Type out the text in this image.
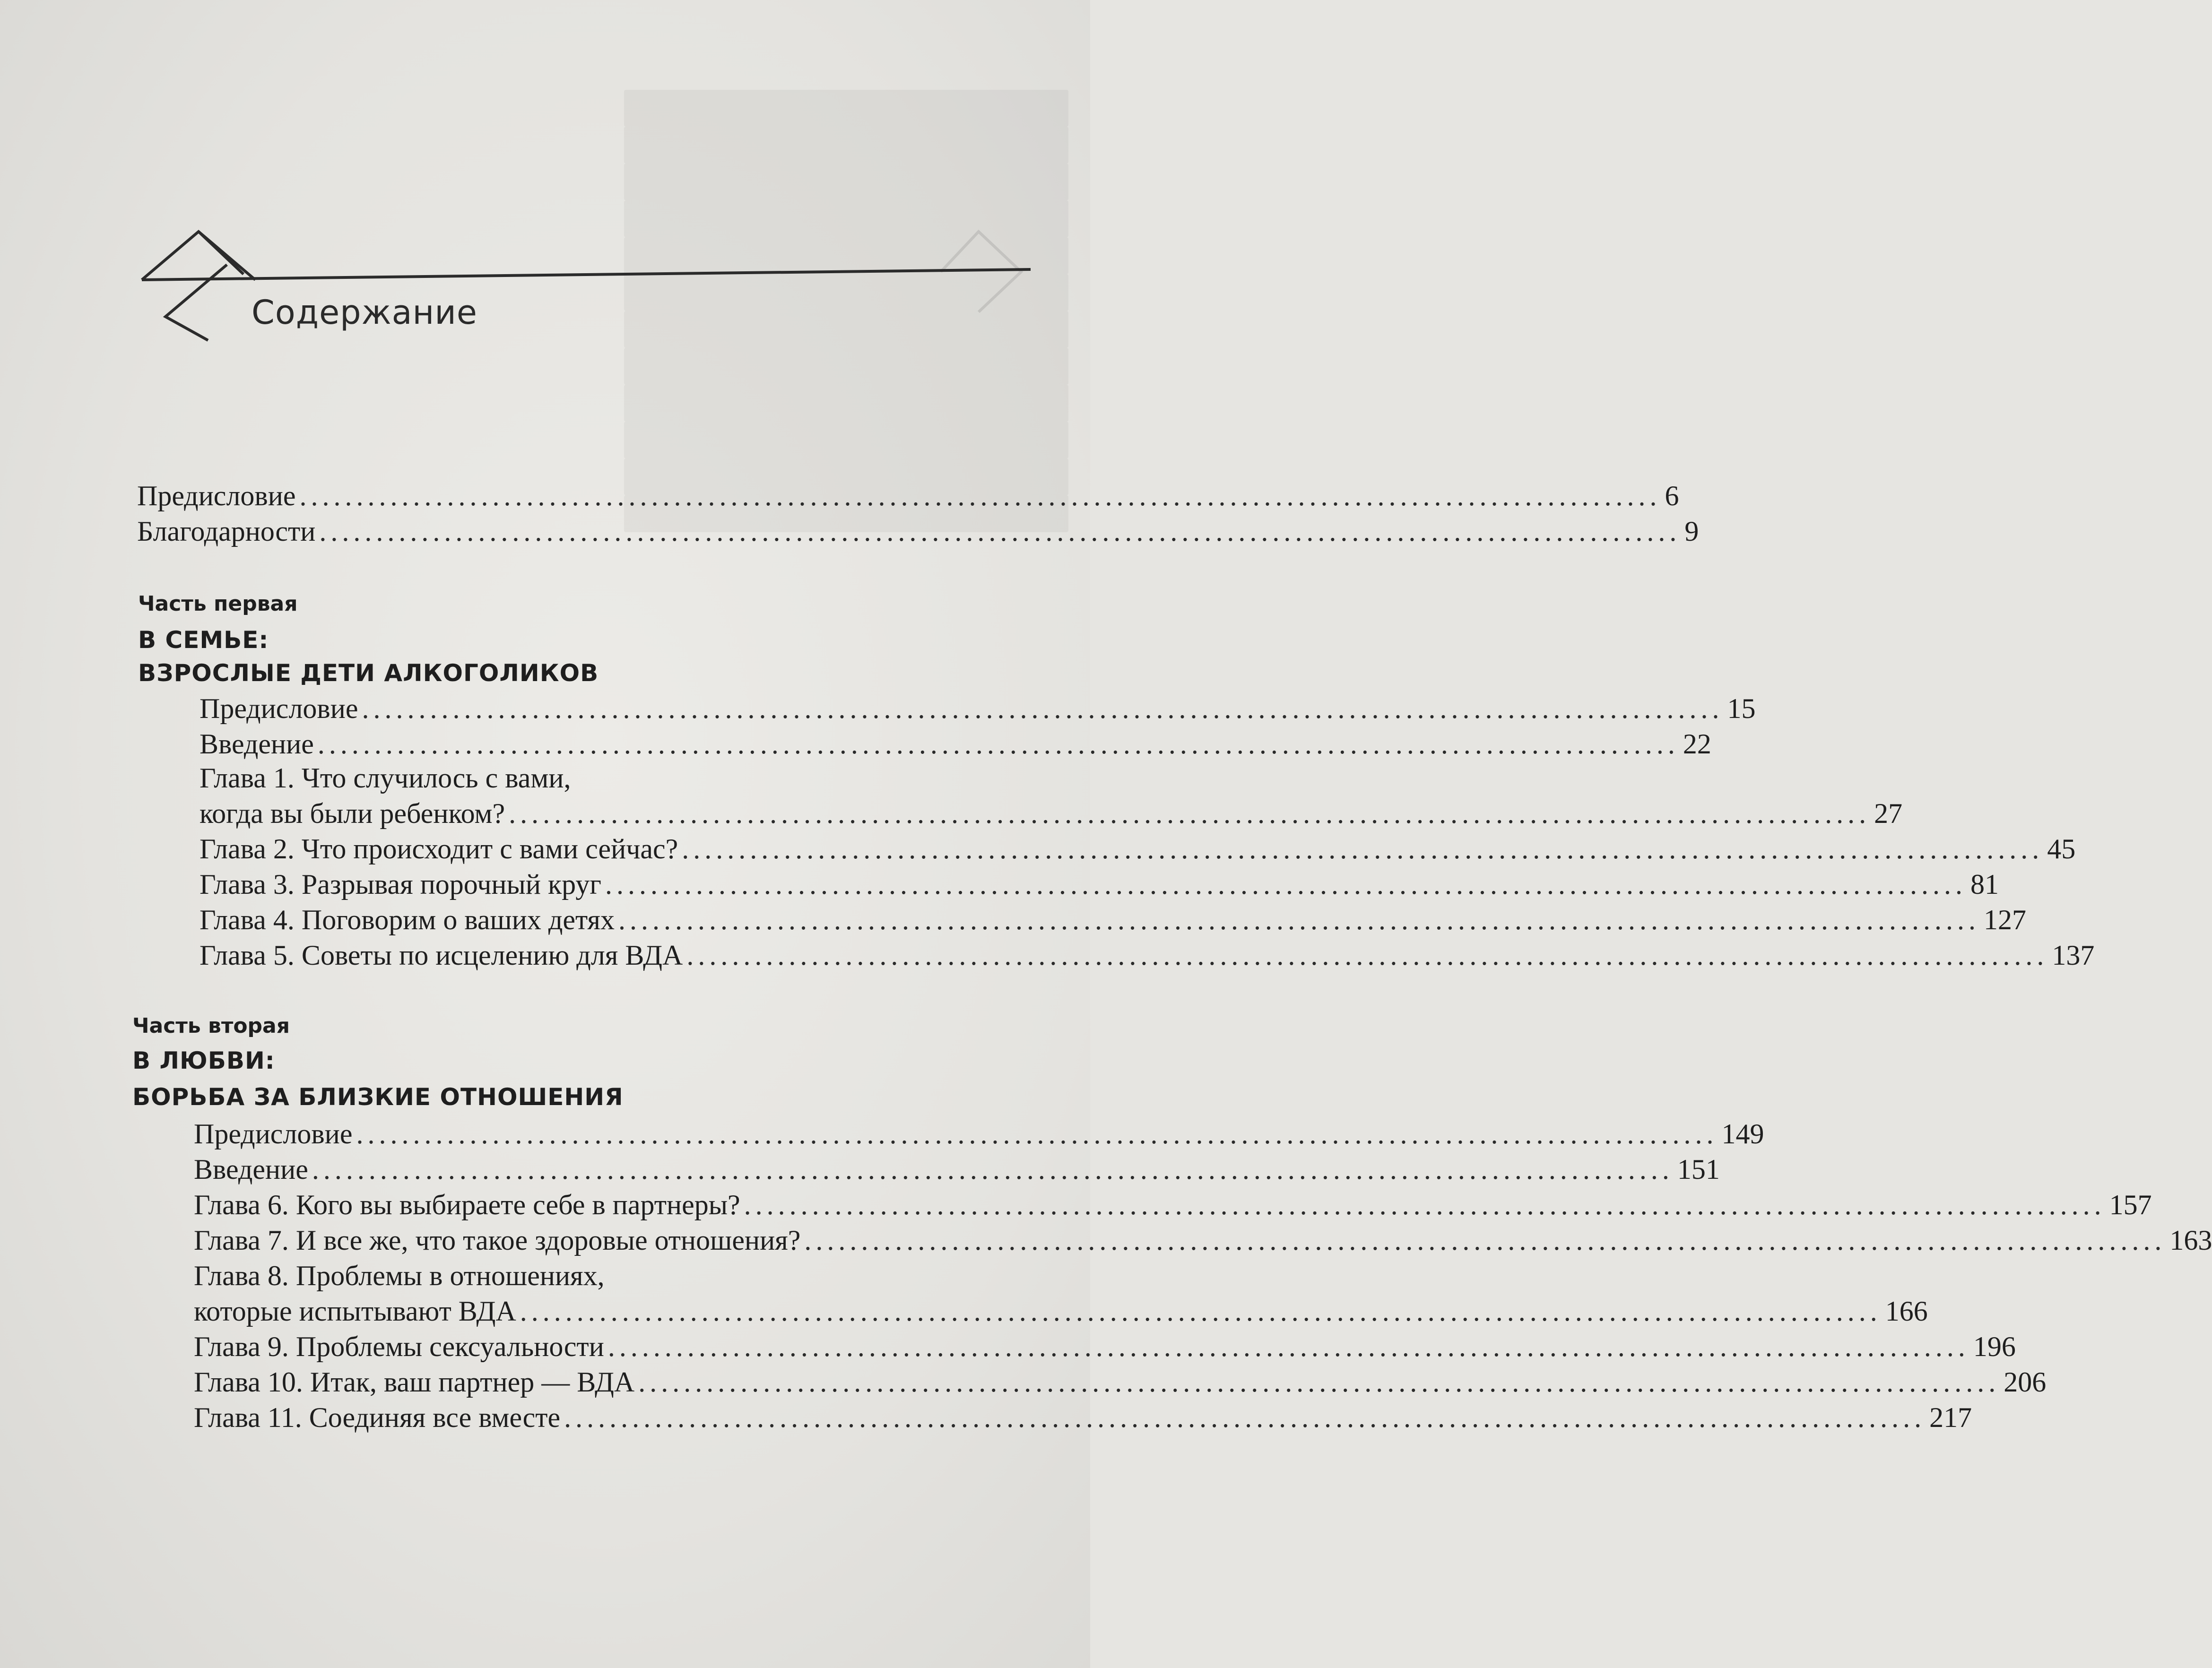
Содержание
Предисловие ........................................................................................................................ 6
Благодарности ........................................................................................................................ 9
Часть первая
В СЕМЬЕ:
ВЗРОСЛЫЕ ДЕТИ АЛКОГОЛИКОВ
Предисловие ........................................................................................................................ 15
Введение ........................................................................................................................ 22
Глава 1. Что случилось с вами,
когда вы были ребенком? ........................................................................................................................ 27
Глава 2. Что происходит с вами сейчас? ........................................................................................................................ 45
Глава 3. Разрывая порочный круг ........................................................................................................................ 81
Глава 4. Поговорим о ваших детях ........................................................................................................................ 127
Глава 5. Советы по исцелению для ВДА ........................................................................................................................ 137
Часть вторая
В ЛЮБВИ:
БОРЬБА ЗА БЛИЗКИЕ ОТНОШЕНИЯ
Предисловие ........................................................................................................................ 149
Введение ........................................................................................................................ 151
Глава 6. Кого вы выбираете себе в партнеры? ........................................................................................................................ 157
Глава 7. И все же, что такое здоровые отношения? ........................................................................................................................ 163
Глава 8. Проблемы в отношениях,
которые испытывают ВДА ........................................................................................................................ 166
Глава 9. Проблемы сексуальности ........................................................................................................................ 196
Глава 10. Итак, ваш партнер — ВДА ........................................................................................................................ 206
Глава 11. Соединяя все вместе ........................................................................................................................ 217
